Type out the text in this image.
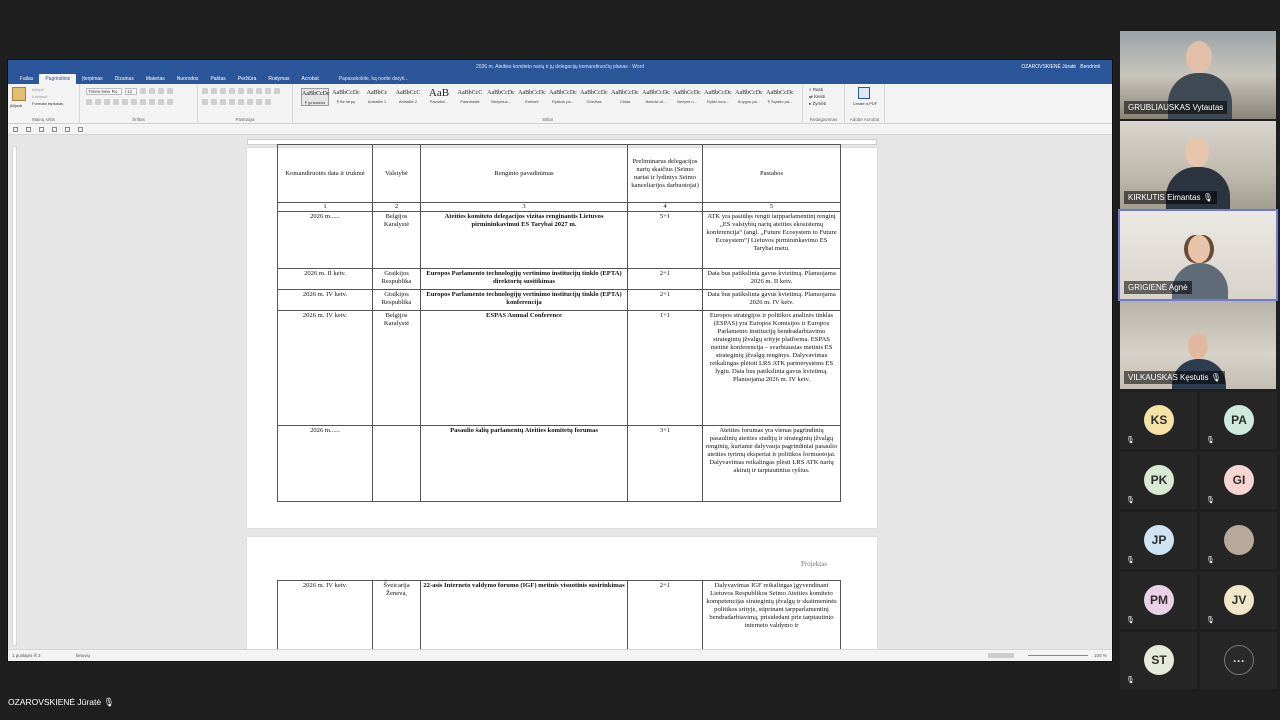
2026 m. Ateities komiteto narių ir jų delegacijų komandiruočių planas - Word	OZAROVSKIENĖ Jūratė Bendrinti
Failas	Pagrindinis	Įterpimas	Dizainas	Maketas	Nuorodos	Paštas	Peržiūra	Rodymas	Acrobat	Papasakokite, ką norite daryti...
Įklijuoti
Iškirpti
Kopijuoti
Formato teptukas
Mainų sritis
Times New Ro	12
Šriftas	Pastraipa
AaBbCcDc
¶ Įprastasis
AaBbCcDc
¶ Be tarpų
AaBbCc
Antraštė 1
AaBbCcC
Antraštė 2
AaB
Pavadini...
AaBbCcC
Paantraštė
AaBbCcDc
Nežymus...
AaBbCcDc
Emfazė
AaBbCcDc
Ryškus pa...
AaBbCcDc
Griežtas
AaBbCcDc
Citata
AaBbCcDc
Išskirta cit...
AaBbCcDc
Nežymi n...
AaBbCcDc
Ryški nuor...
AaBbCcDc
Knygos pa...
AaBbCcDc
¶ Sąrašo pa...
Stiliai
⌕ Rasti
⇄ Keisti
▸ Žymėti
Redagavimas
Create a PDF
Adobe Acrobat
Komandiruotės data ir trukmė	Valstybė	Renginio pavadinimas	Preliminarus delegacijos narių skaičius (Seimo nariai ir lydintys Seimo kanceliarijos darbuotojai)	Pastabos
1	2	3	4	5
2026 m......	Belgijos Karalystė	Ateities komiteto delegacijos vizitas renginantis Lietuvos pirmininkavimui ES Tarybai 2027 m.	5+1	ATK yra pasiūlęs rengti tarpparlamentinį renginį „ES valstybių narių ateities ekosistemų konferencija“ (angl. „Future Ecosystem to Future Ecosystem“) Lietuvos pirmininkavimo ES Tarybai metu.
2026 m. II ketv.	Graikijos Respublika	Europos Parlamento technologijų vertinimo institucijų tinklo (EPTA) direktorių susitikimas	2+1	Data bus patikslinta gavus kvietimą. Planuojama 2026 m. II ketv.
2026 m. IV ketv.	Graikijos Respublika	Europos Parlamento technologijų vertinimo institucijų tinklo (EPTA) konferencija	2+1	Data bus patikslinta gavus kvietimą. Planuojama 2026 m. IV ketv.
2026 m. IV ketv.	Belgijos Karalystė	ESPAS Annual Conference	1+1	Europos strategijos ir politikos analizės tinklas (ESPAS) yra Europos Komisijos ir Europos Parlamento institucijų bendradarbiavimo strateginių įžvalgų srityje platforma. ESPAS metinė konferencija – svarbiausias metinis ES strateginių įžvalgų renginys. Dalyvavimas reikalingas plėtoti LRS ATK partnerystėms ES lygiu. Data bus patikslinta gavus kvietimą. Planuojama 2026 m. IV ketv.
2026 m......		Pasaulio šalių parlamentų Ateities komitetų forumas	3+1	Ateities forumas yra vienas pagrindinių pasaulinių ateities studijų ir strateginių įžvalgų renginių, kuriame dalyvauja pagrindiniai pasaulio ateities tyrimų ekspertai ir politikos formuotojai. Dalyvavimas reikalingas plėsti LRS ATK narių akiratį ir tarptautinius ryšius.
Projektas
2026 m. IV ketv.	Šveicarija Ženeva,	22-asis Interneto valdymo forumo (IGF) metinis visuotinis susirinkimas	2+1	Dalyvavimas IGF reikalingas įgyvendinant Lietuvos Respublikos Seimo Ateities komiteto kompetencijas strateginių įžvalgų ir skaitmeninės politikos srityje, stiprinant tarpparlamentinį bendradarbiavimą, prisidedant prie tarptautinio interneto valdymo ir
1 puslapis iš 3	lietuvių	100 %
GRUBLIAUSKAS Vytautas
KIRKUTIS Eimantas 🎙
GRIGIENĖ Agnė
VILKAUSKAS Kęstutis 🎙
KS
🎙
PA
🎙
PK
🎙
GI
🎙
JP
🎙	🎙
PM
🎙
JV
🎙
ST
🎙
···
OZAROVSKIENĖ Jūratė 🎙
